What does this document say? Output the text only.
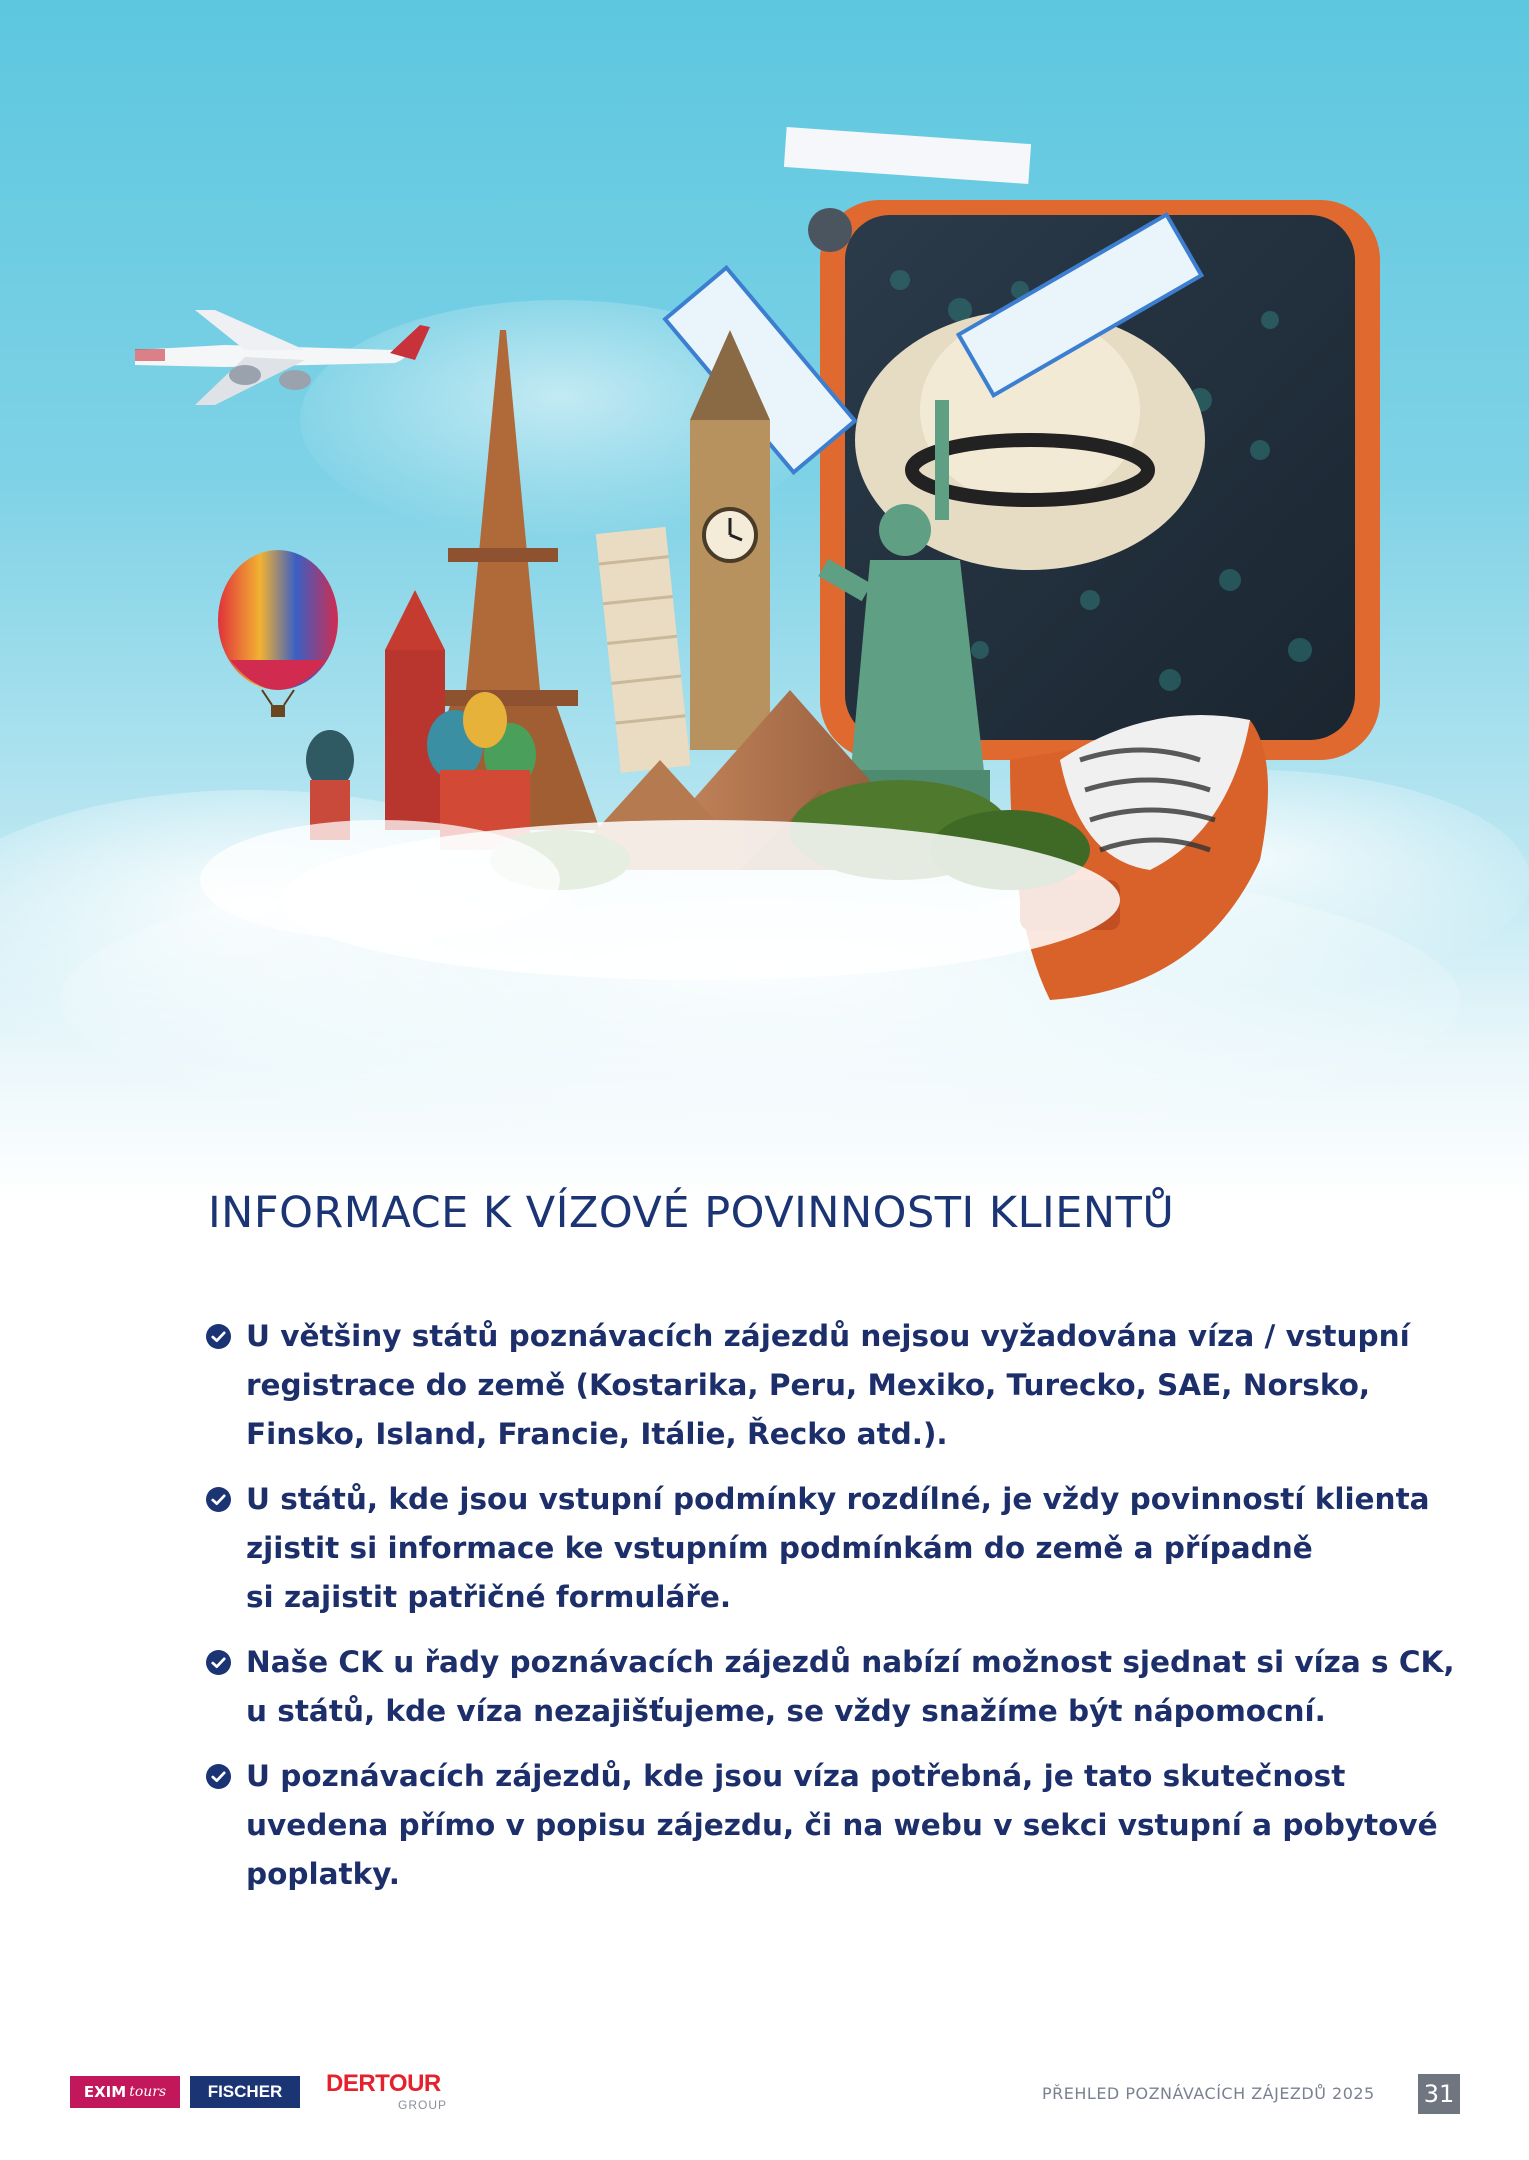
INFORMACE K VÍZOVÉ POVINNOSTI KLIENTŮ
U většiny států poznávacích zájezdů nejsou vyžadována víza / vstupní
registrace do země (Kostarika, Peru, Mexiko, Turecko, SAE, Norsko,
Finsko, Island, Francie, Itálie, Řecko atd.).
U států, kde jsou vstupní podmínky rozdílné, je vždy povinností klienta
zjistit si informace ke vstupním podmínkám do země a případně
si zajistit patřičné formuláře.
Naše CK u řady poznávacích zájezdů nabízí možnost sjednat si víza s CK,
u států, kde víza nezajišťujeme, se vždy snažíme být nápomocní.
U poznávacích zájezdů, kde jsou víza potřebná, je tato skutečnost
uvedena přímo v popisu zájezdu, či na webu v sekci vstupní a pobytové
poplatky.
EXIM tours	FISCHER	DERTOUR
GROUP
PŘEHLED POZNÁVACÍCH ZÁJEZDŮ 2025 31
